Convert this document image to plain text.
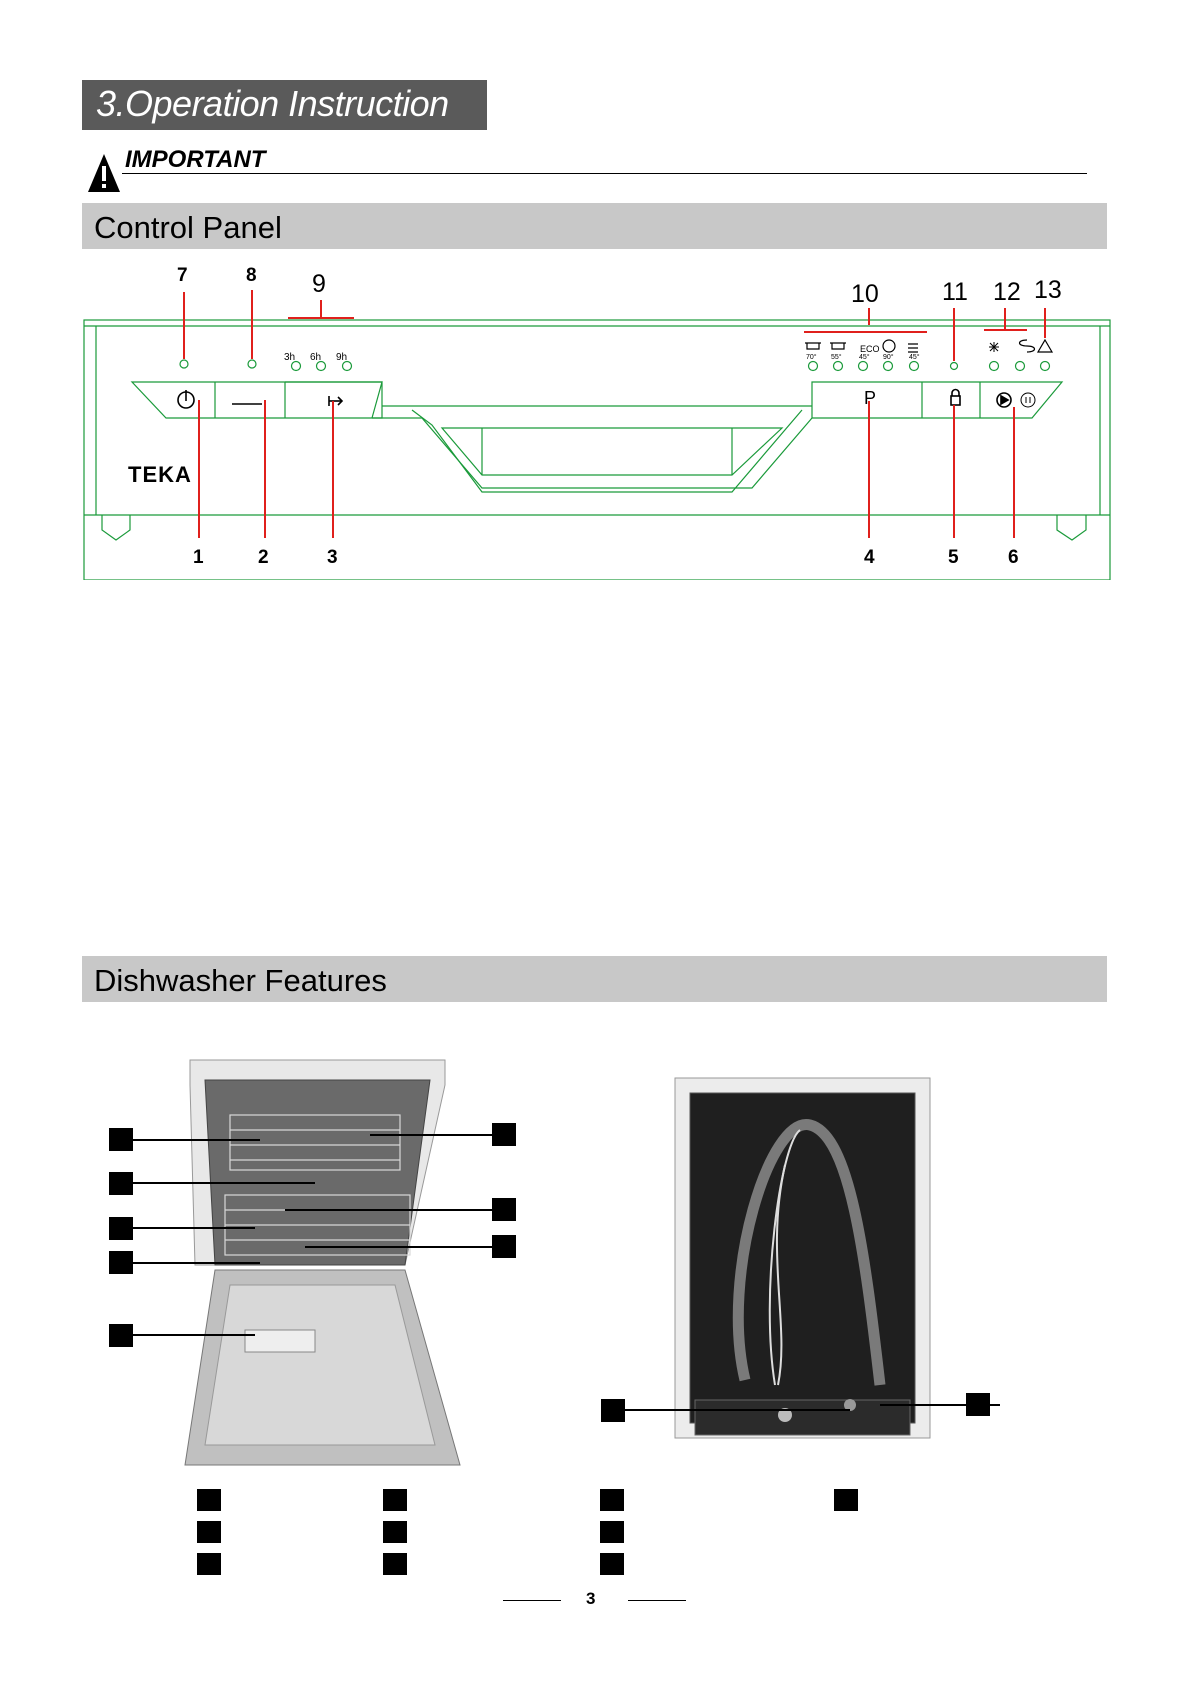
3.Operation Instruction
IMPORTANT
Control Panel
3h 6h 9h	70° 55°
ECO
45° 90° 45°
P
TEKA
7	8 9	10	11 12 13
1	2	3	4	5	6
Dishwasher Features
3
